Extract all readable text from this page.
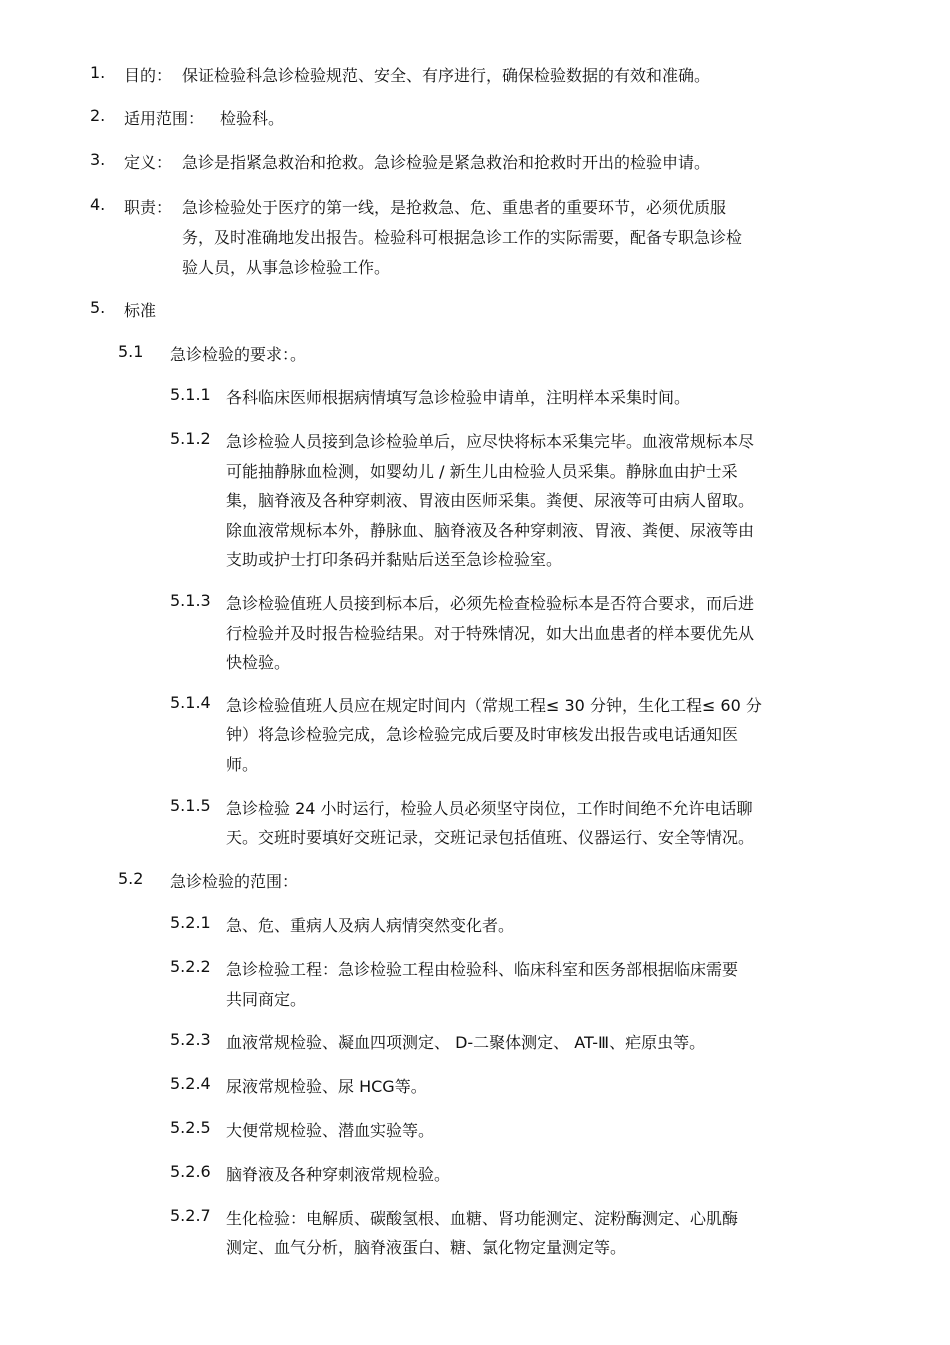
1. 目的： 保证检验科急诊检验规范、安全、有序进行，确保检验数据的有效和准确。
2. 适用范围： 检验科。
3. 定义： 急诊是指紧急救治和抢救。急诊检验是紧急救治和抢救时开出的检验申请。
4. 职责： 急诊检验处于医疗的第一线，是抢救急、危、重患者的重要环节，必须优质服
务，及时准确地发出报告。检验科可根据急诊工作的实际需要，配备专职急诊检
验人员，从事急诊检验工作。
5. 标准
5.1 急诊检验的要求：。
5.1.1 各科临床医师根据病情填写急诊检验申请单，注明样本采集时间。
5.1.2 急诊检验人员接到急诊检验单后，应尽快将标本采集完毕。血液常规标本尽
可能抽静脉血检测，如婴幼儿 / 新生儿由检验人员采集。静脉血由护士采
集，脑脊液及各种穿刺液、胃液由医师采集。粪便、尿液等可由病人留取。
除血液常规标本外，静脉血、脑脊液及各种穿刺液、胃液、粪便、尿液等由
支助或护士打印条码并黏贴后送至急诊检验室。
5.1.3 急诊检验值班人员接到标本后，必须先检查检验标本是否符合要求，而后进
行检验并及时报告检验结果。对于特殊情况，如大出血患者的样本要优先从
快检验。
5.1.4 急诊检验值班人员应在规定时间内（常规工程≤ 30 分钟，生化工程≤ 60 分
钟）将急诊检验完成，急诊检验完成后要及时审核发出报告或电话通知医
师。
5.1.5 急诊检验 24 小时运行，检验人员必须坚守岗位，工作时间绝不允许电话聊
天。交班时要填好交班记录，交班记录包括值班、仪器运行、安全等情况。
5.2 急诊检验的范围：
5.2.1 急、危、重病人及病人病情突然变化者。
5.2.2 急诊检验工程：急诊检验工程由检验科、临床科室和医务部根据临床需要
共同商定。
5.2.3 血液常规检验、凝血四项测定、 D-二聚体测定、 AT-Ⅲ、疟原虫等。
5.2.4 尿液常规检验、尿 HCG等。
5.2.5 大便常规检验、潜血实验等。
5.2.6 脑脊液及各种穿刺液常规检验。
5.2.7 生化检验：电解质、碳酸氢根、血糖、肾功能测定、淀粉酶测定、心肌酶
测定、血气分析，脑脊液蛋白、糖、氯化物定量测定等。
